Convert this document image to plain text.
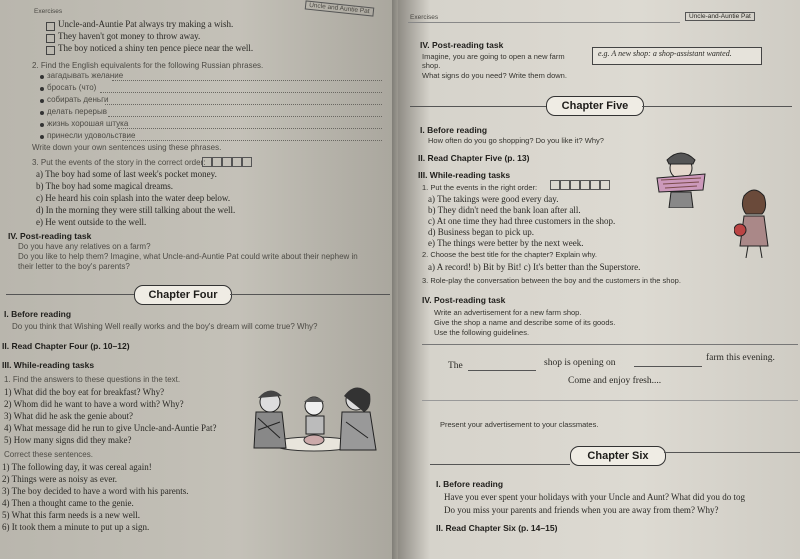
Exercises	Uncle and Auntie Pat
Uncle-and-Auntie Pat always try making a wish.
They haven't got money to throw away.
The boy noticed a shiny ten pence piece near the well.
2. Find the English equivalents for the following Russian phrases.
загадывать желание
бросать (что)
собирать деньги
делать перерыв
жизнь хорошая штука
принесли удовольствие
Write down your own sentences using these phrases.
3. Put the events of the story in the correct order:
a) The boy had some of last week's pocket money.
b) The boy had some magical dreams.
c) He heard his coin splash into the water deep below.
d) In the morning they were still talking about the well.
e) He went outside to the well.
IV. Post-reading task
Do you have any relatives on a farm?
Do you like to help them? Imagine, what Uncle-and-Auntie Pat could write about their nephew in
their letter to the boy's parents?
Chapter Four
I. Before reading
Do you think that Wishing Well really works and the boy's dream will come true? Why?
II. Read Chapter Four (p. 10–12)
III. While-reading tasks
1. Find the answers to these questions in the text.
1) What did the boy eat for breakfast? Why?
2) Whom did he want to have a word with? Why?
3) What did he ask the genie about?
4) What message did he run to give Uncle-and-Auntie Pat?
5) How many signs did they make?
Correct these sentences.
1) The following day, it was cereal again!
2) Things were as noisy as ever.
3) The boy decided to have a word with his parents.
4) Then a thought came to the genie.
5) What this farm needs is a new well.
6) It took them a minute to put up a sign.
Exercises	Uncle-and-Auntie Pat
IV. Post-reading task
Imagine, you are going to open a new farm
shop.
What signs do you need? Write them down.
e.g. A new shop: a shop-assistant wanted.
Chapter Five
I. Before reading
How often do you go shopping? Do you like it? Why?
II. Read Chapter Five (p. 13)
III. While-reading tasks
1. Put the events in the right order:
a) The takings were good every day.
b) They didn't need the bank loan after all.
c) At one time they had three customers in the shop.
d) Business began to pick up.
e) The things were better by the next week.
2. Choose the best title for the chapter? Explain why.
a) A record! b) Bit by Bit! c) It's better than the Superstore.
3. Role-play the conversation between the boy and the customers in the shop.
IV. Post-reading task
Write an advertisement for a new farm shop.
Give the shop a name and describe some of its goods.
Use the following guidelines.
The	shop is opening on	farm this evening.
Come and enjoy fresh....
Present your advertisement to your classmates.
Chapter Six
I. Before reading
Have you ever spent your holidays with your Uncle and Aunt? What did you do tog
Do you miss your parents and friends when you are away from them? Why?
II. Read Chapter Six (p. 14–15)
